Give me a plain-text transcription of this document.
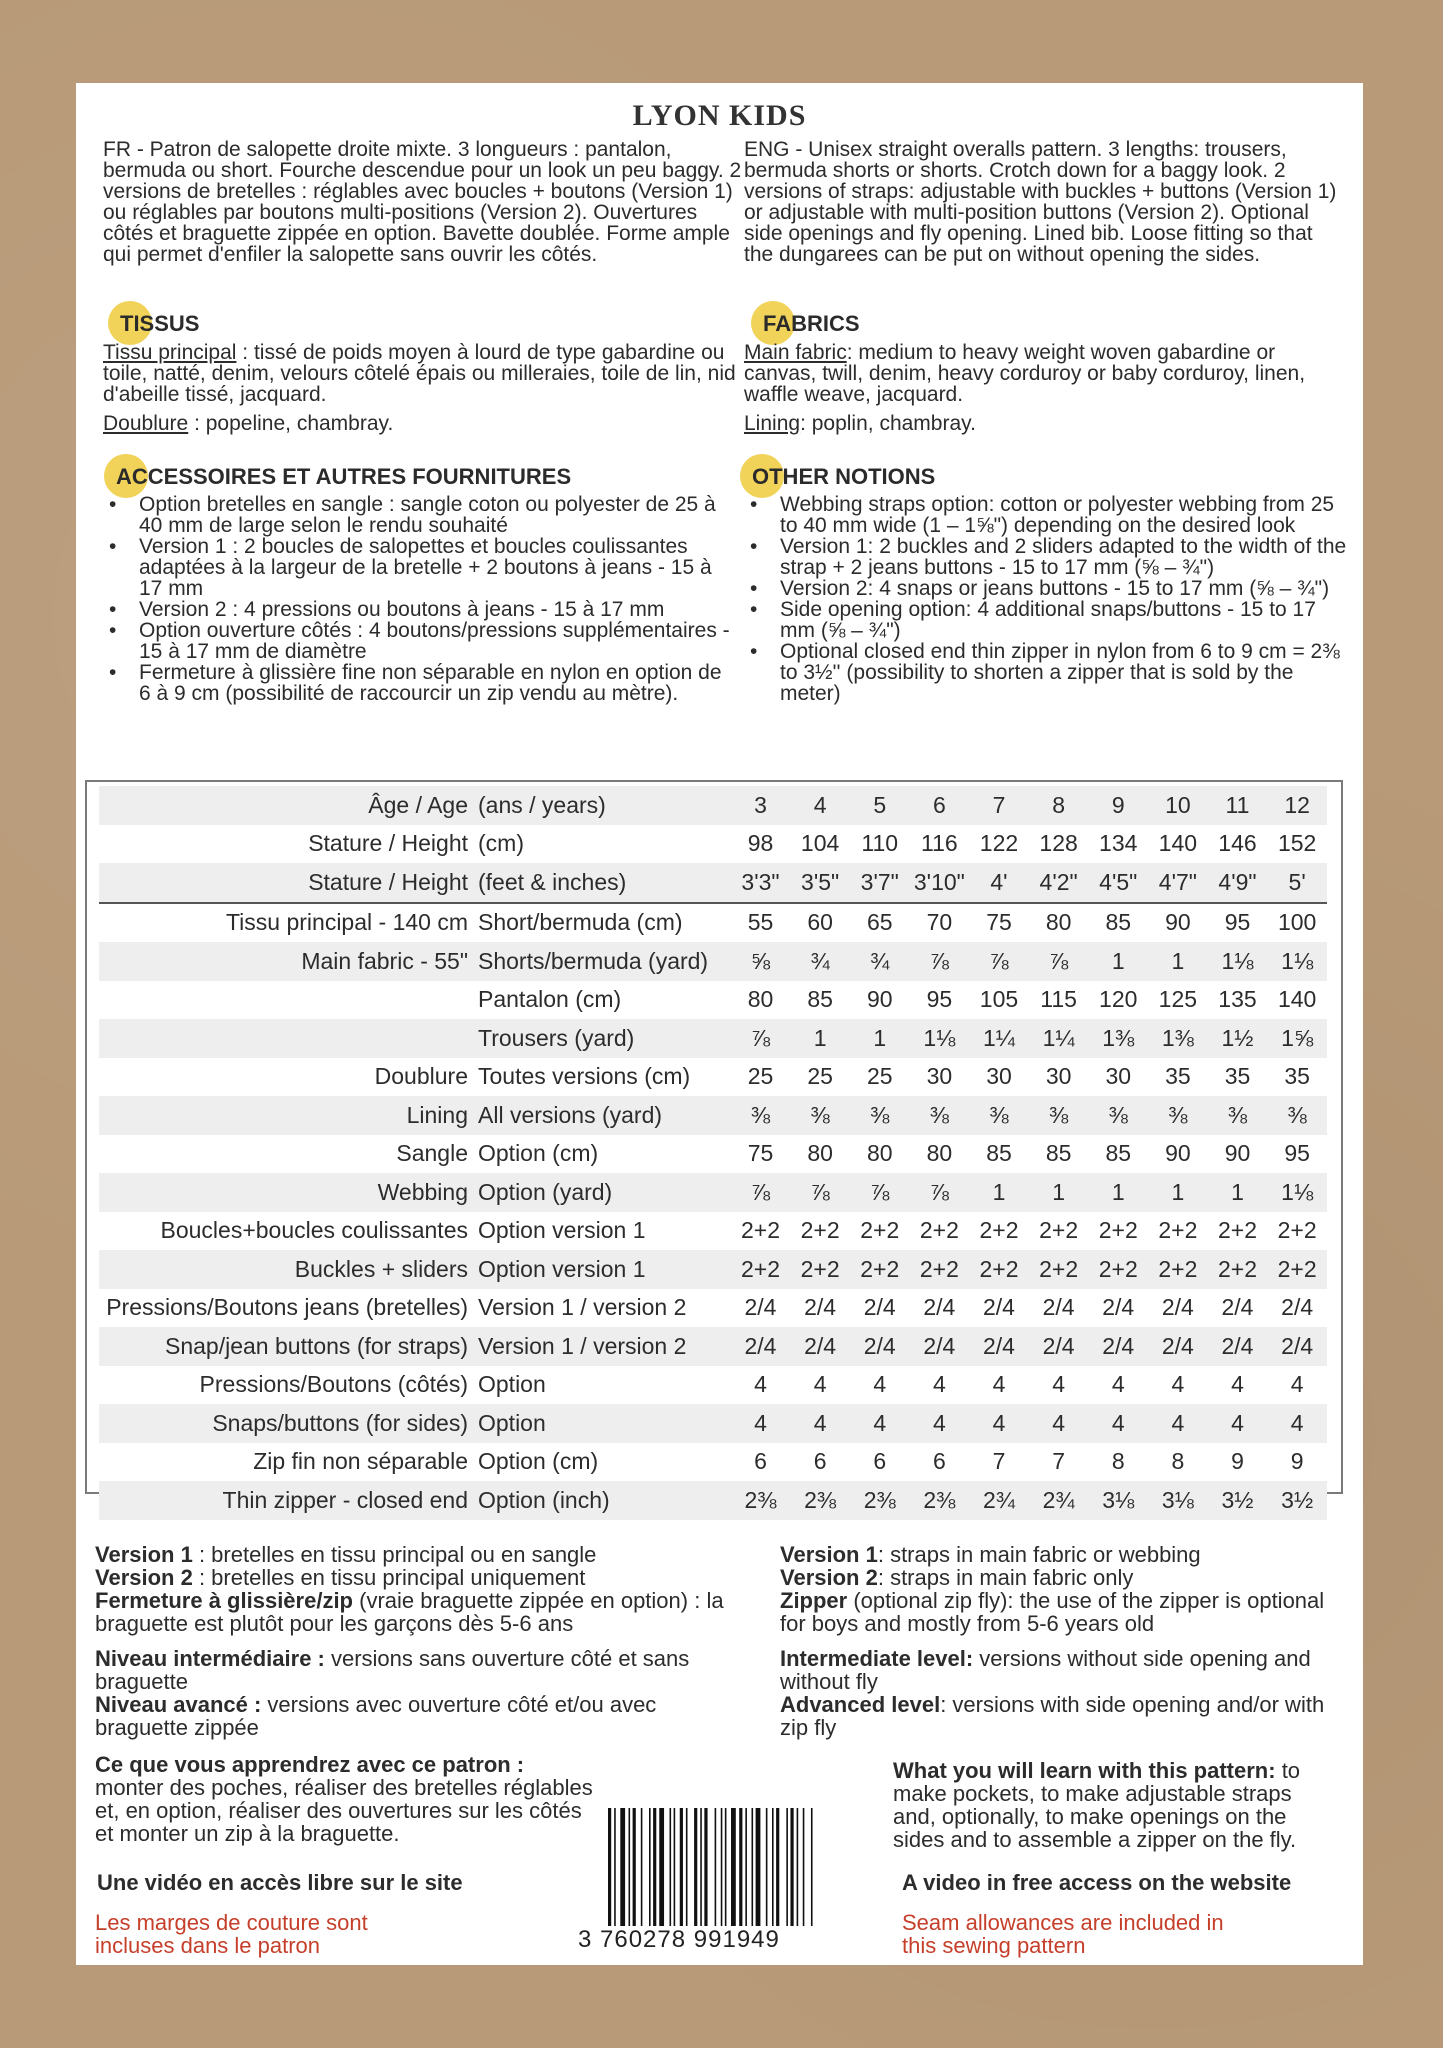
LYON KIDS

FR - Patron de salopette droite mixte. 3 longueurs : pantalon, bermuda ou short. Fourche descendue pour un look un peu baggy. 2 versions de bretelles : réglables avec boucles + boutons (Version 1) ou réglables par boutons multi-positions (Version 2). Ouvertures côtés et braguette zippée en option. Bavette doublée. Forme ample qui permet d'enfiler la salopette sans ouvrir les côtés.

ENG - Unisex straight overalls pattern. 3 lengths: trousers, bermuda shorts or shorts. Crotch down for a baggy look. 2 versions of straps: adjustable with buckles + buttons (Version 1) or adjustable with multi-position buttons (Version 2). Optional side openings and fly opening. Lined bib. Loose fitting so that the dungarees can be put on without opening the sides.

TISSUS	FABRICS

Tissu principal : tissé de poids moyen à lourd de type gabardine ou toile, natté, denim, velours côtelé épais ou milleraies, toile de lin, nid d'abeille tissé, jacquard.

Doublure : popeline, chambray.

Main fabric: medium to heavy weight woven gabardine or canvas, twill, denim, heavy corduroy or baby corduroy, linen, waffle weave, jacquard.

Lining: poplin, chambray.

ACCESSOIRES ET AUTRES FOURNITURES	OTHER NOTIONS
• Option bretelles en sangle : sangle coton ou polyester de 25 à 40 mm de large selon le rendu souhaité
• Version 1 : 2 boucles de salopettes et boucles coulissantes adaptées à la largeur de la bretelle + 2 boutons à jeans - 15 à 17 mm
• Version 2 : 4 pressions ou boutons à jeans - 15 à 17 mm
• Option ouverture côtés : 4 boutons/pressions supplémentaires - 15 à 17 mm de diamètre
• Fermeture à glissière fine non séparable en nylon en option de 6 à 9 cm (possibilité de raccourcir un zip vendu au mètre).
• Webbing straps option: cotton or polyester webbing from 25 to 40 mm wide (1 – 1⅝") depending on the desired look
• Version 1: 2 buckles and 2 sliders adapted to the width of the strap + 2 jeans buttons - 15 to 17 mm (⅝ – ¾")
• Version 2: 4 snaps or jeans buttons - 15 to 17 mm (⅝ – ¾")
• Side opening option: 4 additional snaps/buttons - 15 to 17 mm (⅝ – ¾")
• Optional closed end thin zipper in nylon from 6 to 9 cm = 2⅜ to 3½'' (possibility to shorten a zipper that is sold by the meter)
Âge / Age	(ans / years)	3	4	5	6	7	8	9	10	11	12
Stature / Height	(cm)	98	104	110	116	122	128	134	140	146	152
Stature / Height	(feet & inches)	3'3"	3'5"	3'7"	3'10"	4'	4'2"	4'5"	4'7"	4'9"	5'
Tissu principal - 140 cm	Short/bermuda (cm)	55	60	65	70	75	80	85	90	95	100
Main fabric - 55"	Shorts/bermuda (yard)	⅝	¾	¾	⅞	⅞	⅞	1	1	1⅛	1⅛
	Pantalon (cm)	80	85	90	95	105	115	120	125	135	140
	Trousers (yard)	⅞	1	1	1⅛	1¼	1¼	1⅜	1⅜	1½	1⅝
Doublure	Toutes versions (cm)	25	25	25	30	30	30	30	35	35	35
Lining	All versions (yard)	⅜	⅜	⅜	⅜	⅜	⅜	⅜	⅜	⅜	⅜
Sangle	Option (cm)	75	80	80	80	85	85	85	90	90	95
Webbing	Option (yard)	⅞	⅞	⅞	⅞	1	1	1	1	1	1⅛
Boucles+boucles coulissantes	Option version 1	2+2	2+2	2+2	2+2	2+2	2+2	2+2	2+2	2+2	2+2
Buckles + sliders	Option version 1	2+2	2+2	2+2	2+2	2+2	2+2	2+2	2+2	2+2	2+2
Pressions/Boutons jeans (bretelles)	Version 1 / version 2	2/4	2/4	2/4	2/4	2/4	2/4	2/4	2/4	2/4	2/4
Snap/jean buttons (for straps)	Version 1 / version 2	2/4	2/4	2/4	2/4	2/4	2/4	2/4	2/4	2/4	2/4
Pressions/Boutons (côtés)	Option	4	4	4	4	4	4	4	4	4	4
Snaps/buttons (for sides)	Option	4	4	4	4	4	4	4	4	4	4
Zip fin non séparable	Option (cm)	6	6	6	6	7	7	8	8	9	9
Thin zipper - closed end	Option (inch)	2⅜	2⅜	2⅜	2⅜	2¾	2¾	3⅛	3⅛	3½	3½
Version 1 : bretelles en tissu principal ou en sangle
Version 2 : bretelles en tissu principal uniquement
Fermeture à glissière/zip (vraie braguette zippée en option) : la braguette est plutôt pour les garçons dès 5-6 ans
Niveau intermédiaire : versions sans ouverture côté et sans braguette
Niveau avancé : versions avec ouverture côté et/ou avec braguette zippée
Ce que vous apprendrez avec ce patron : monter des poches, réaliser des bretelles réglables et, en option, réaliser des ouvertures sur les côtés et monter un zip à la braguette.
Une vidéo en accès libre sur le site
Les marges de couture sont incluses dans le patron
Version 1: straps in main fabric or webbing
Version 2: straps in main fabric only
Zipper (optional zip fly): the use of the zipper is optional for boys and mostly from 5-6 years old
Intermediate level: versions without side opening and without fly
Advanced level: versions with side opening and/or with zip fly
What you will learn with this pattern: to make pockets, to make adjustable straps and, optionally, to make openings on the sides and to assemble a zipper on the fly.
A video in free access on the website
Seam allowances are included in this sewing pattern
3 760278 991949
